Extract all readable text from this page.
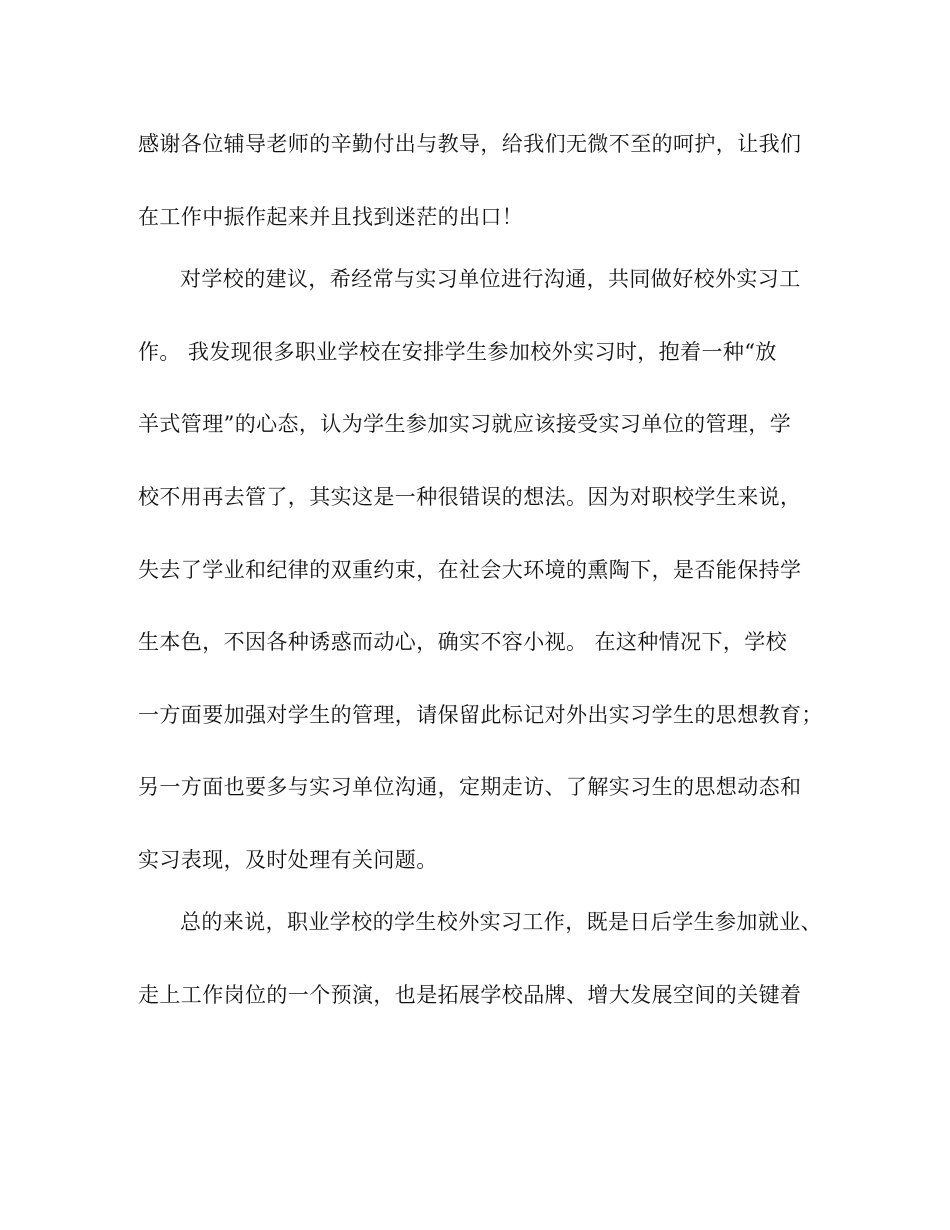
感谢各位辅导老师的辛勤付出与教导，给我们无微不至的呵护，让我们
在工作中振作起来并且找到迷茫的出口！
对学校的建议，希经常与实习单位进行沟通，共同做好校外实习工
作。 我发现很多职业学校在安排学生参加校外实习时，抱着一种“放
羊式管理”的心态，认为学生参加实习就应该接受实习单位的管理，学
校不用再去管了，其实这是一种很错误的想法。因为对职校学生来说，
失去了学业和纪律的双重约束，在社会大环境的熏陶下，是否能保持学
生本色，不因各种诱惑而动心，确实不容小视。 在这种情况下，学校
一方面要加强对学生的管理，请保留此标记对外出实习学生的思想教育；
另一方面也要多与实习单位沟通，定期走访、了解实习生的思想动态和
实习表现，及时处理有关问题。
总的来说，职业学校的学生校外实习工作，既是日后学生参加就业、
走上工作岗位的一个预演，也是拓展学校品牌、增大发展空间的关键着
